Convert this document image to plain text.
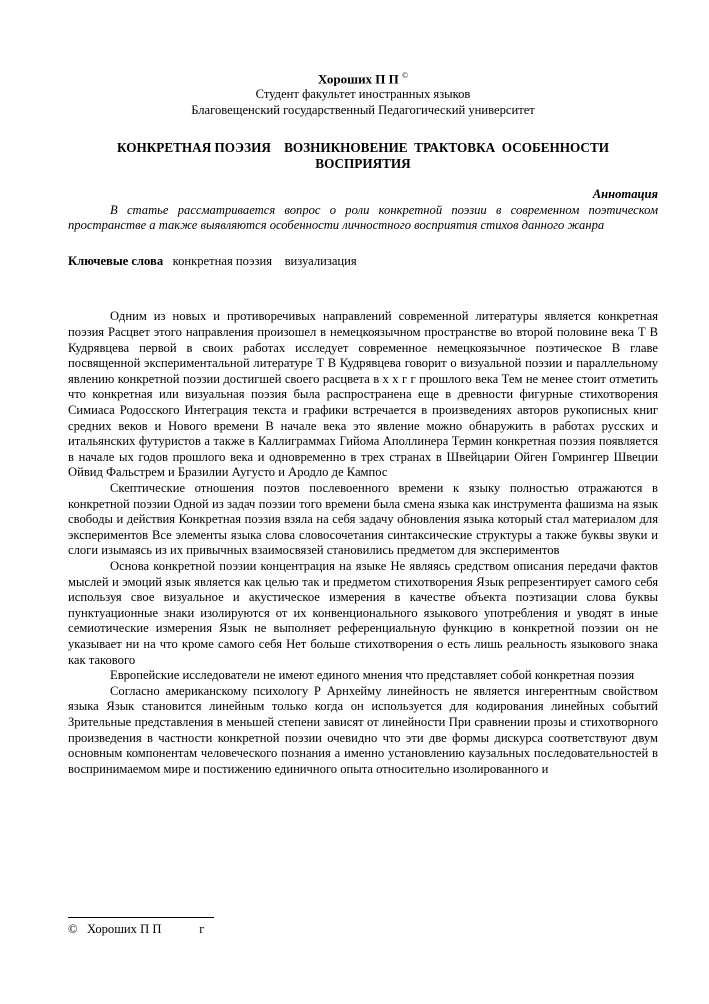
Хороших П П ©
Студент факультет иностранных языков
Благовещенский государственный Педагогический университет
КОНКРЕТНАЯ ПОЭЗИЯ    ВОЗНИКНОВЕНИЕ  ТРАКТОВКА  ОСОБЕННОСТИ
ВОСПРИЯТИЯ
Аннотация
В статье рассматривается вопрос о роли конкретной поэзии в современном поэтическом пространстве а также выявляются особенности личностного восприятия стихов данного жанра
Ключевые слова   конкретная поэзия    визуализация

Одним из новых и противоречивых направлений современной литературы является конкретная поэзия Расцвет этого направления произошел в немецкоязычном пространстве во второй половине века Т В Кудрявцева первой в своих работах исследует современное немецкоязычное поэтическое В главе посвященной экспериментальной литературе Т В Кудрявцева говорит о визуальной поэзии и параллельному явлению конкретной поэзии достигшей своего расцвета в х х г г прошлого века Тем не менее стоит отметить что конкретная или визуальная поэзия была распространена еще в древности фигурные стихотворения Симиаса Родосского Интеграция текста и графики встречается в произведениях авторов рукописных книг средних веков и Нового времени В начале века это явление можно обнаружить в работах русских и итальянских футуристов а также в Каллиграммах Гийома Аполлинера Термин конкретная поэзия появляется в начале ых годов прошлого века и одновременно в трех странах в Швейцарии Ойген Гомрингер Швеции Ойвид Фальстрем и Бразилии Аугусто и Ародло де Кампос

Скептические отношения поэтов послевоенного времени к языку полностью отражаются в конкретной поэзии Одной из задач поэзии того времени была смена языка как инструмента фашизма на язык свободы и действия Конкретная поэзия взяла на себя задачу обновления языка который стал материалом для экспериментов Все элементы языка слова словосочетания синтаксические структуры а также буквы звуки и слоги изымаясь из их привычных взаимосвязей становились предметом для экспериментов

Основа конкретной поэзии концентрация на языке Не являясь средством описания передачи фактов мыслей и эмоций язык является как целью так и предметом стихотворения Язык репрезентирует самого себя используя свое визуальное и акустическое измерения в качестве объекта поэтизации слова буквы пунктуационные знаки изолируются от их конвенционального языкового употребления и уводят в иные семиотические измерения Язык не выполняет референциальную функцию в конкретной поэзии он не указывает ни на что кроме самого себя Нет больше стихотворения о есть лишь реальность языкового знака как такового

Европейские исследователи не имеют единого мнения что представляет собой конкретная поэзия

Согласно американскому психологу Р Арнхейму линейность не является ингерентным свойством языка Язык становится линейным только когда он используется для кодирования линейных событий Зрительные представления в меньшей степени зависят от линейности При сравнении прозы и стихотворного произведения в частности конкретной поэзии очевидно что эти две формы дискурса соответствуют двум основным компонентам человеческого познания а именно установлению каузальных последовательностей в воспринимаемом мире и постижению единичного опыта относительно изолированного и

©   Хороших П П            г
